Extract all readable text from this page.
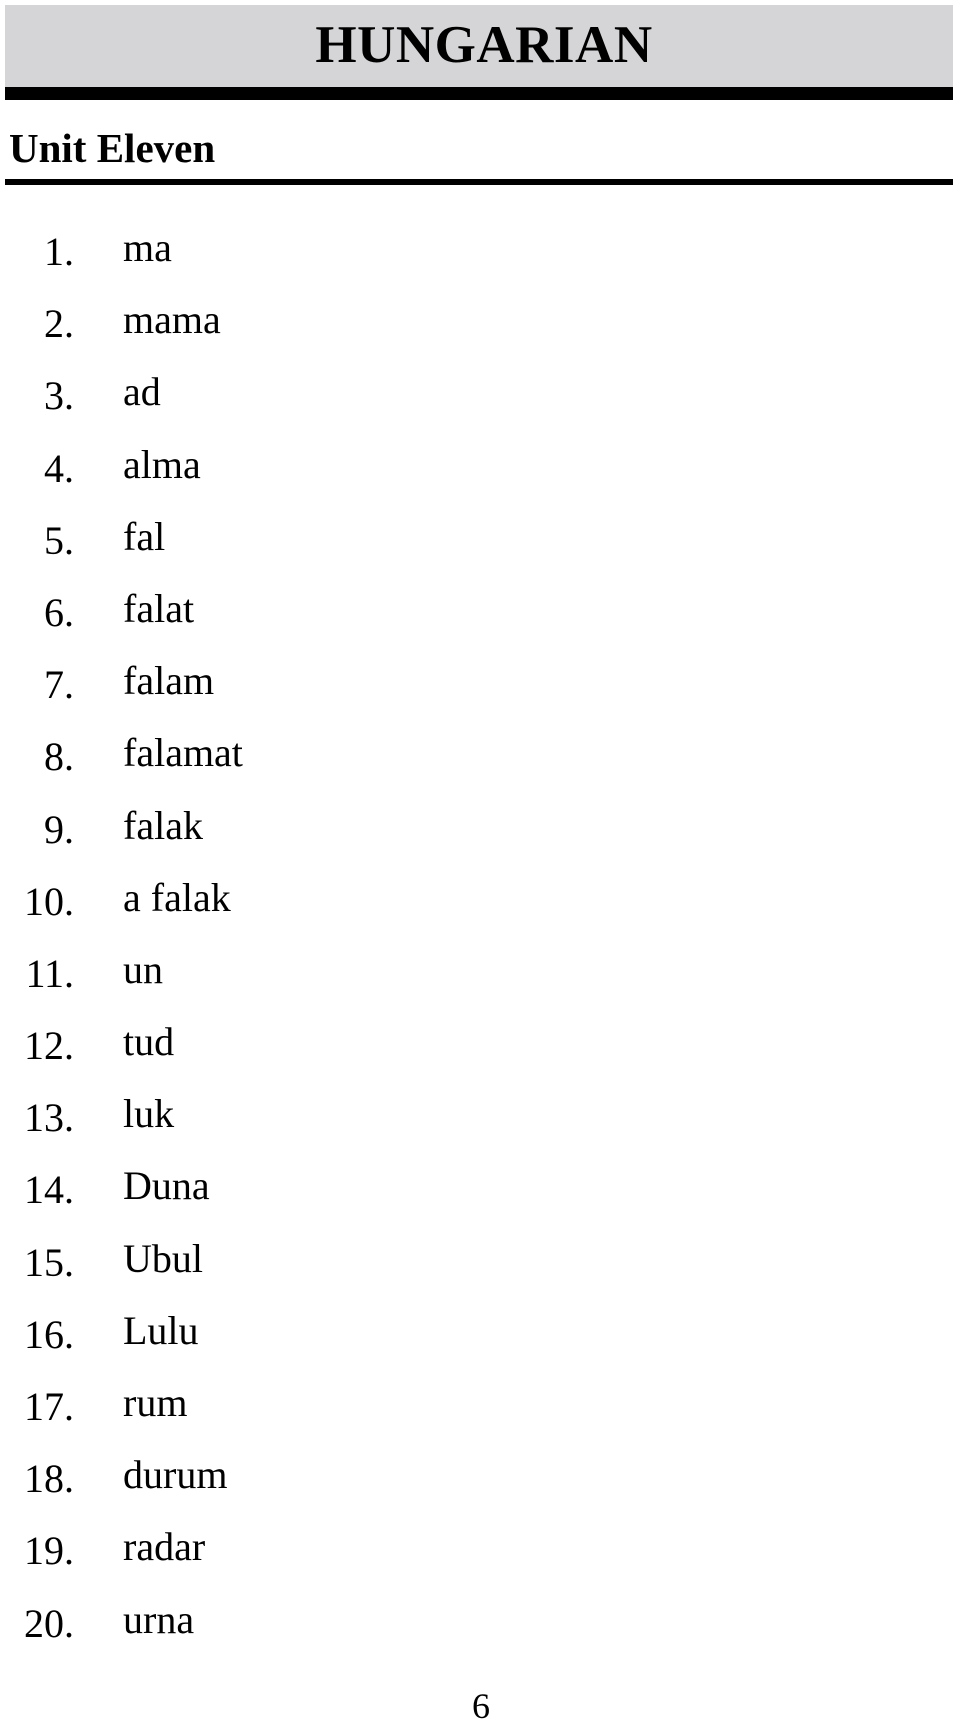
HUNGARIAN
Unit Eleven
1. ma
2. mama
3. ad
4. alma
5. fal
6. falat
7. falam
8. falamat
9. falak
10. a falak
11. un
12. tud
13. luk
14. Duna
15. Ubul
16. Lulu
17. rum
18. durum
19. radar
20. urna
6
